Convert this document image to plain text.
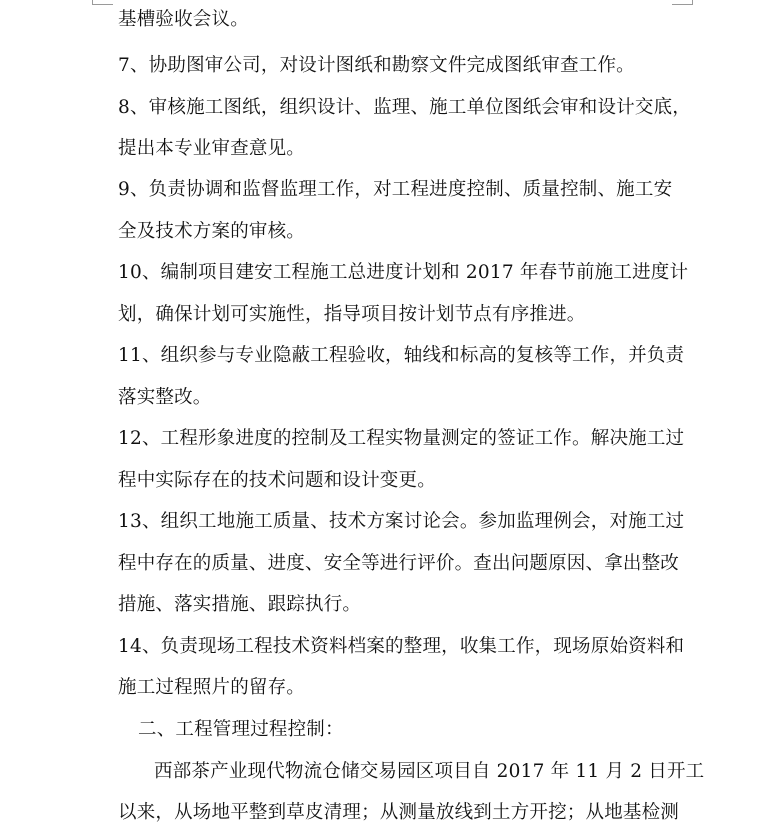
基槽验收会议。
7、协助图审公司，对设计图纸和勘察文件完成图纸审查工作。
8、审核施工图纸，组织设计、监理、施工单位图纸会审和设计交底，
提出本专业审查意见。
9、负责协调和监督监理工作，对工程进度控制、质量控制、施工安
全及技术方案的审核。
10、编制项目建安工程施工总进度计划和 2017 年春节前施工进度计
划，确保计划可实施性，指导项目按计划节点有序推进。
11、组织参与专业隐蔽工程验收，轴线和标高的复核等工作，并负责
落实整改。
12、工程形象进度的控制及工程实物量测定的签证工作。解决施工过
程中实际存在的技术问题和设计变更。
13、组织工地施工质量、技术方案讨论会。参加监理例会，对施工过
程中存在的质量、进度、安全等进行评价。查出问题原因、拿出整改
措施、落实措施、跟踪执行。
14、负责现场工程技术资料档案的整理，收集工作，现场原始资料和
施工过程照片的留存。
二、工程管理过程控制：
西部茶产业现代物流仓储交易园区项目自 2017 年 11 月 2 日开工
以来，从场地平整到草皮清理；从测量放线到土方开挖；从地基检测
